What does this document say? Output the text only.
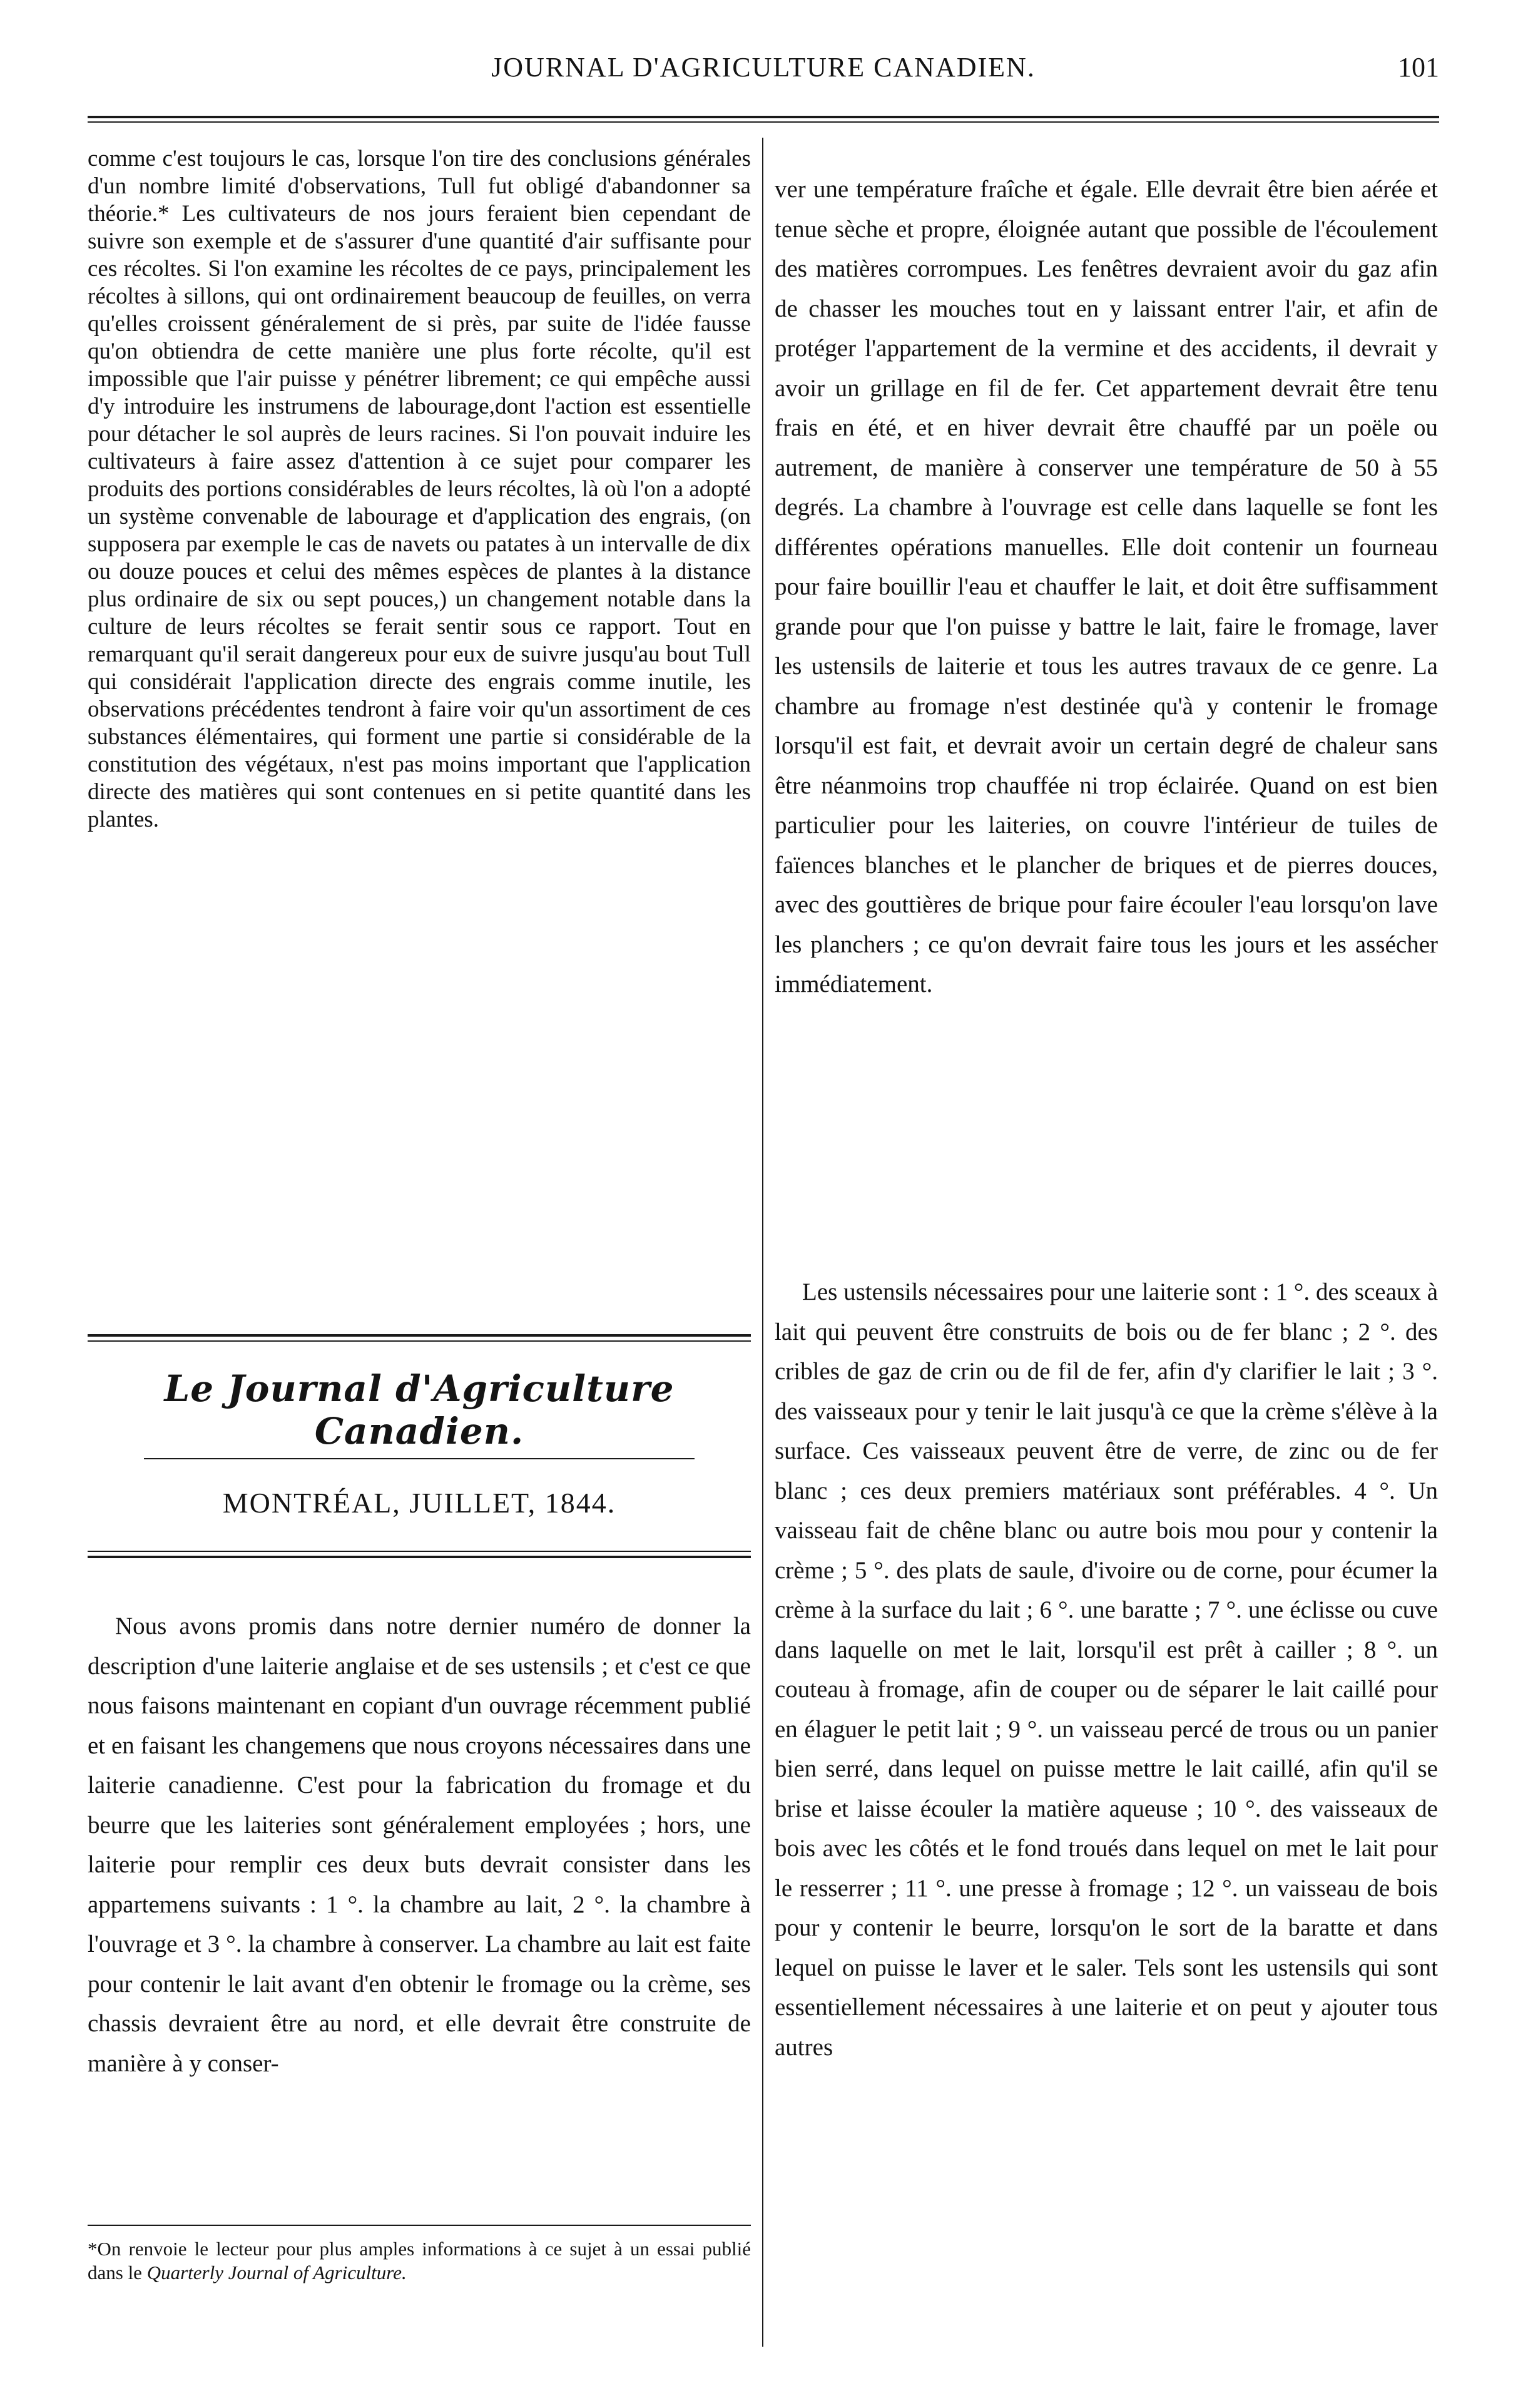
JOURNAL D'AGRICULTURE CANADIEN.	101

comme c'est toujours le cas, lorsque l'on tire des conclusions générales d'un nombre limité d'observations, Tull fut obligé d'abandonner sa théorie.* Les cultivateurs de nos jours feraient bien cependant de suivre son exemple et de s'assurer d'une quantité d'air suffisante pour ces récoltes. Si l'on examine les récoltes de ce pays, principalement les récoltes à sillons, qui ont ordinairement beaucoup de feuilles, on verra qu'elles croissent généralement de si près, par suite de l'idée fausse qu'on obtiendra de cette manière une plus forte récolte, qu'il est impossible que l'air puisse y pénétrer librement; ce qui empêche aussi d'y introduire les instrumens de labourage,dont l'action est essentielle pour détacher le sol auprès de leurs racines. Si l'on pouvait induire les cultivateurs à faire assez d'attention à ce sujet pour comparer les produits des portions considérables de leurs récoltes, là où l'on a adopté un système convenable de labourage et d'application des engrais, (on supposera par exemple le cas de navets ou patates à un intervalle de dix ou douze pouces et celui des mêmes espèces de plantes à la distance plus ordinaire de six ou sept pouces,) un changement notable dans la culture de leurs récoltes se ferait sentir sous ce rapport. Tout en remarquant qu'il serait dangereux pour eux de suivre jusqu'au bout Tull qui considérait l'application directe des engrais comme inutile, les observations précédentes tendront à faire voir qu'un assortiment de ces substances élémentaires, qui forment une partie si considérable de la constitution des végétaux, n'est pas moins important que l'application directe des matières qui sont contenues en si petite quantité dans les plantes.

Le Journal d'Agriculture Canadien.
MONTRÉAL, JUILLET, 1844.

Nous avons promis dans notre dernier numéro de donner la description d'une laiterie anglaise et de ses ustensils ; et c'est ce que nous faisons maintenant en copiant d'un ouvrage récemment publié et en faisant les changemens que nous croyons nécessaires dans une laiterie canadienne. C'est pour la fabrication du fromage et du beurre que les laiteries sont généralement employées ; hors, une laiterie pour remplir ces deux buts devrait consister dans les appartemens suivants : 1 °. la chambre au lait, 2 °. la chambre à l'ouvrage et 3 °. la chambre à conserver. La chambre au lait est faite pour contenir le lait avant d'en obtenir le fromage ou la crème, ses chassis devraient être au nord, et elle devrait être construite de manière à y conser-

*On renvoie le lecteur pour plus amples informations à ce sujet à un essai publié dans le Quarterly Journal of Agriculture.

ver une température fraîche et égale. Elle devrait être bien aérée et tenue sèche et propre, éloignée autant que possible de l'écoulement des matières corrompues. Les fenêtres devraient avoir du gaz afin de chasser les mouches tout en y laissant entrer l'air, et afin de protéger l'appartement de la vermine et des accidents, il devrait y avoir un grillage en fil de fer. Cet appartement devrait être tenu frais en été, et en hiver devrait être chauffé par un poële ou autrement, de manière à conserver une température de 50 à 55 degrés. La chambre à l'ouvrage est celle dans laquelle se font les différentes opérations manuelles. Elle doit contenir un fourneau pour faire bouillir l'eau et chauffer le lait, et doit être suffisamment grande pour que l'on puisse y battre le lait, faire le fromage, laver les ustensils de laiterie et tous les autres travaux de ce genre. La chambre au fromage n'est destinée qu'à y contenir le fromage lorsqu'il est fait, et devrait avoir un certain degré de chaleur sans être néanmoins trop chauffée ni trop éclairée. Quand on est bien particulier pour les laiteries, on couvre l'intérieur de tuiles de faïences blanches et le plancher de briques et de pierres douces, avec des gouttières de brique pour faire écouler l'eau lorsqu'on lave les planchers ; ce qu'on devrait faire tous les jours et les assécher immédiatement.

Les ustensils nécessaires pour une laiterie sont : 1 °. des sceaux à lait qui peuvent être construits de bois ou de fer blanc ; 2 °. des cribles de gaz de crin ou de fil de fer, afin d'y clarifier le lait ; 3 °. des vaisseaux pour y tenir le lait jusqu'à ce que la crème s'élève à la surface. Ces vaisseaux peuvent être de verre, de zinc ou de fer blanc ; ces deux premiers matériaux sont préférables. 4 °. Un vaisseau fait de chêne blanc ou autre bois mou pour y contenir la crème ; 5 °. des plats de saule, d'ivoire ou de corne, pour écumer la crème à la surface du lait ; 6 °. une baratte ; 7 °. une éclisse ou cuve dans laquelle on met le lait, lorsqu'il est prêt à cailler ; 8 °. un couteau à fromage, afin de couper ou de séparer le lait caillé pour en élaguer le petit lait ; 9 °. un vaisseau percé de trous ou un panier bien serré, dans lequel on puisse mettre le lait caillé, afin qu'il se brise et laisse écouler la matière aqueuse ; 10 °. des vaisseaux de bois avec les côtés et le fond troués dans lequel on met le lait pour le resserrer ; 11 °. une presse à fromage ; 12 °. un vaisseau de bois pour y contenir le beurre, lorsqu'on le sort de la baratte et dans lequel on puisse le laver et le saler. Tels sont les ustensils qui sont essentiellement nécessaires à une laiterie et on peut y ajouter tous autres
